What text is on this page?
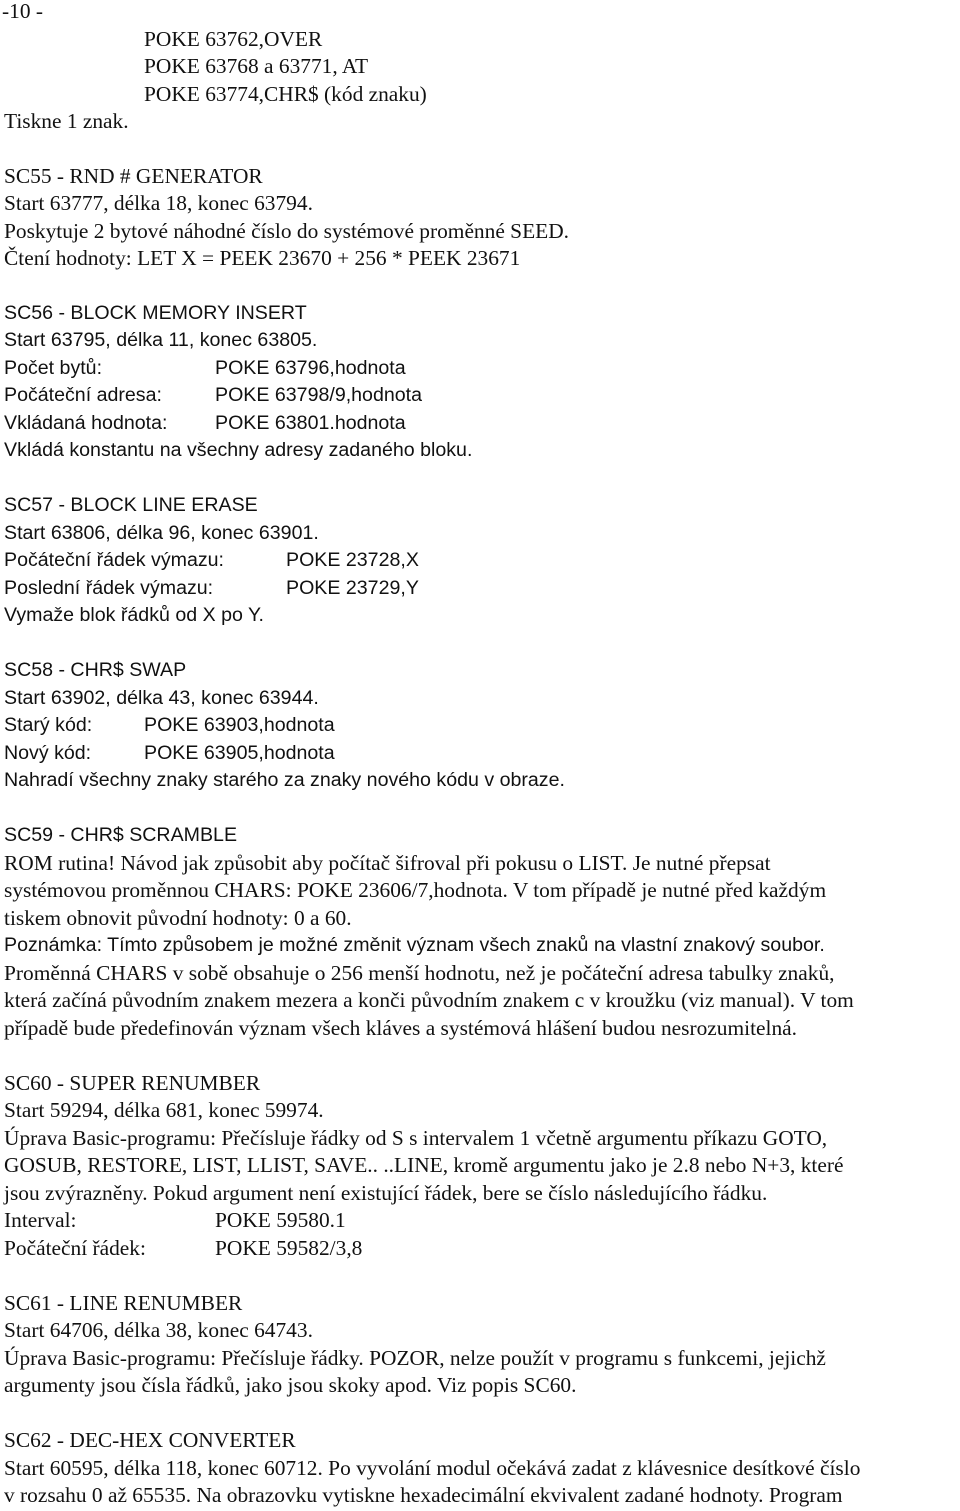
-10 -
POKE 63762,OVER
POKE 63768 a 63771, AT
POKE 63774,CHR$ (kód znaku)
Tiskne 1 znak.
SC55 - RND # GENERATOR
Start 63777, délka 18, konec 63794.
Poskytuje 2 bytové náhodné číslo do systémové proměnné SEED.
Čtení hodnoty: LET X = PEEK 23670 + 256 * PEEK 23671
SC56 - BLOCK MEMORY INSERT
Start 63795, délka 11, konec 63805.
Počet bytů:	POKE 63796,hodnota
Počáteční adresa:	POKE 63798/9,hodnota
Vkládaná hodnota: POKE 63801.hodnota
Vkládá konstantu na všechny adresy zadaného bloku.
SC57 - BLOCK LINE ERASE
Start 63806, délka 96, konec 63901.
Počáteční řádek výmazu:	POKE 23728,X
Poslední řádek výmazu:	POKE 23729,Y
Vymaže blok řádků od X po Y.
SC58 - CHR$ SWAP
Start 63902, délka 43, konec 63944.
Starý kód:	POKE 63903,hodnota
Nový kód:	POKE 63905,hodnota
Nahradí všechny znaky starého za znaky nového kódu v obraze.
SC59 - CHR$ SCRAMBLE
ROM rutina! Návod jak způsobit aby počítač šifroval při pokusu o LIST. Je nutné přepsat
systémovou proměnnou CHARS: POKE 23606/7,hodnota. V tom případě je nutné před každým
tiskem obnovit původní hodnoty: 0 a 60.
Poznámka: Tímto způsobem je možné změnit význam všech znaků na vlastní znakový soubor.
Proměnná CHARS v sobě obsahuje o 256 menší hodnotu, než je počáteční adresa tabulky znaků,
která začíná původním znakem mezera a konči původním znakem c v kroužku (viz manual). V tom
případě bude předefinován význam všech kláves a systémová hlášení budou nesrozumitelná.
SC60 - SUPER RENUMBER
Start 59294, délka 681, konec 59974.
Úprava Basic-programu: Přečísluje řádky od S s intervalem 1 včetně argumentu příkazu GOTO,
GOSUB, RESTORE, LIST, LLIST, SAVE.. ..LINE, kromě argumentu jako je 2.8 nebo N+3, které
jsou zvýrazněny. Pokud argument není existující řádek, bere se číslo následujícího řádku.
Interval:	POKE 59580.1
Počáteční řádek:	POKE 59582/3,8
SC61 - LINE RENUMBER
Start 64706, délka 38, konec 64743.
Úprava Basic-programu: Přečísluje řádky. POZOR, nelze použít v programu s funkcemi, jejichž
argumenty jsou čísla řádků, jako jsou skoky apod. Viz popis SC60.
SC62 - DEC-HEX CONVERTER
Start 60595, délka 118, konec 60712. Po vyvolání modul očekává zadat z klávesnice desítkové číslo
v rozsahu 0 až 65535. Na obrazovku vytiskne hexadecimální ekvivalent zadané hodnoty. Program
